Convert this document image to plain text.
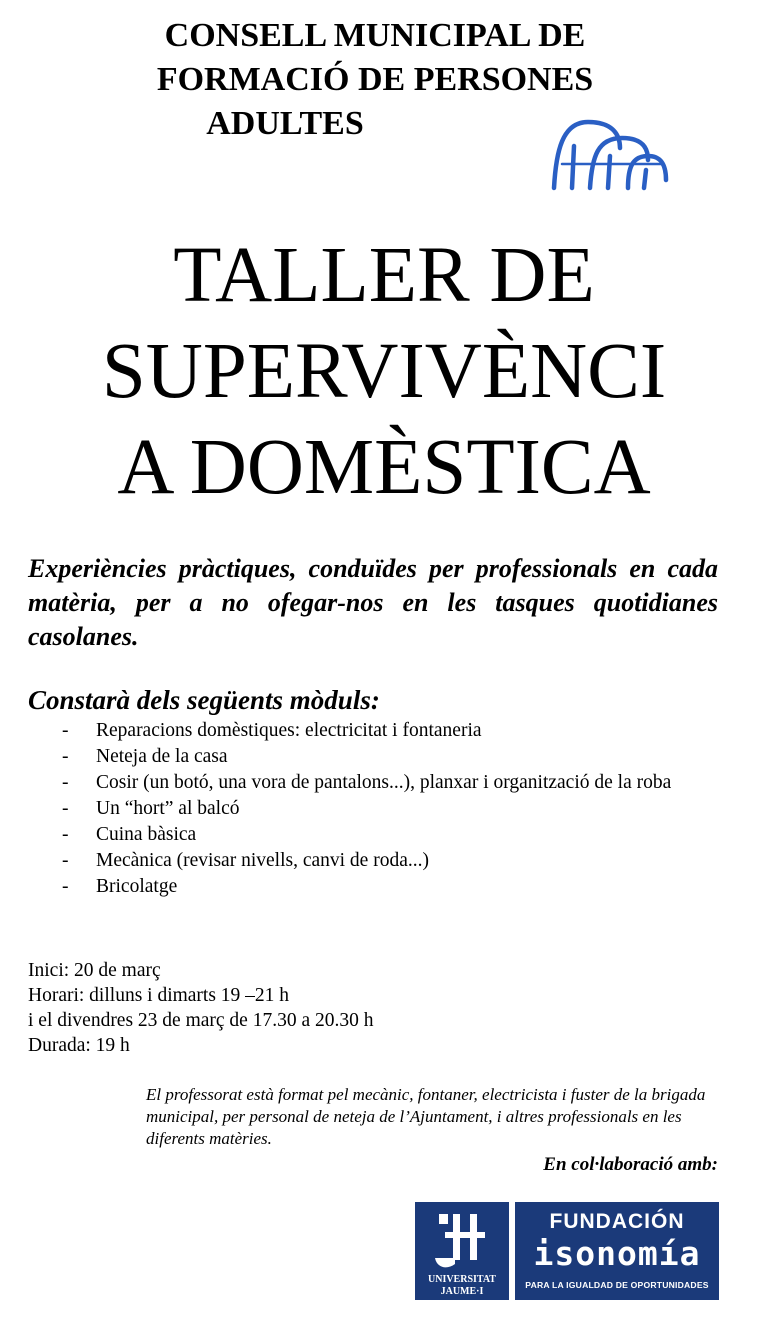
CONSELL MUNICIPAL DE
FORMACIÓ DE PERSONES
ADULTES
TALLER DE
SUPERVIVÈNCI
A DOMÈSTICA
Experiències pràctiques, conduïdes per professionals en cada matèria, per a no ofegar-nos en les tasques quotidianes casolanes.
Constarà dels següents mòduls:
- Reparacions domèstiques: electricitat i fontaneria
- Neteja de la casa
- Cosir (un botó, una vora de pantalons...), planxar i organització de la roba
- Un “hort” al balcó
- Cuina bàsica
- Mecànica (revisar nivells, canvi de roda...)
- Bricolatge
Inici: 20 de març
Horari: dilluns i dimarts 19 –21 h
i el divendres 23 de març de 17.30 a 20.30 h
Durada: 19 h
El professorat està format pel mecànic, fontaner, electricista i fuster de la brigada municipal, per personal de neteja de l’Ajuntament, i altres professionals en les diferents matèries.
En col·laboració amb:
UNIVERSITAT
JAUME·I
FUNDACIÓN
isonomía
PARA LA IGUALDAD DE OPORTUNIDADES
